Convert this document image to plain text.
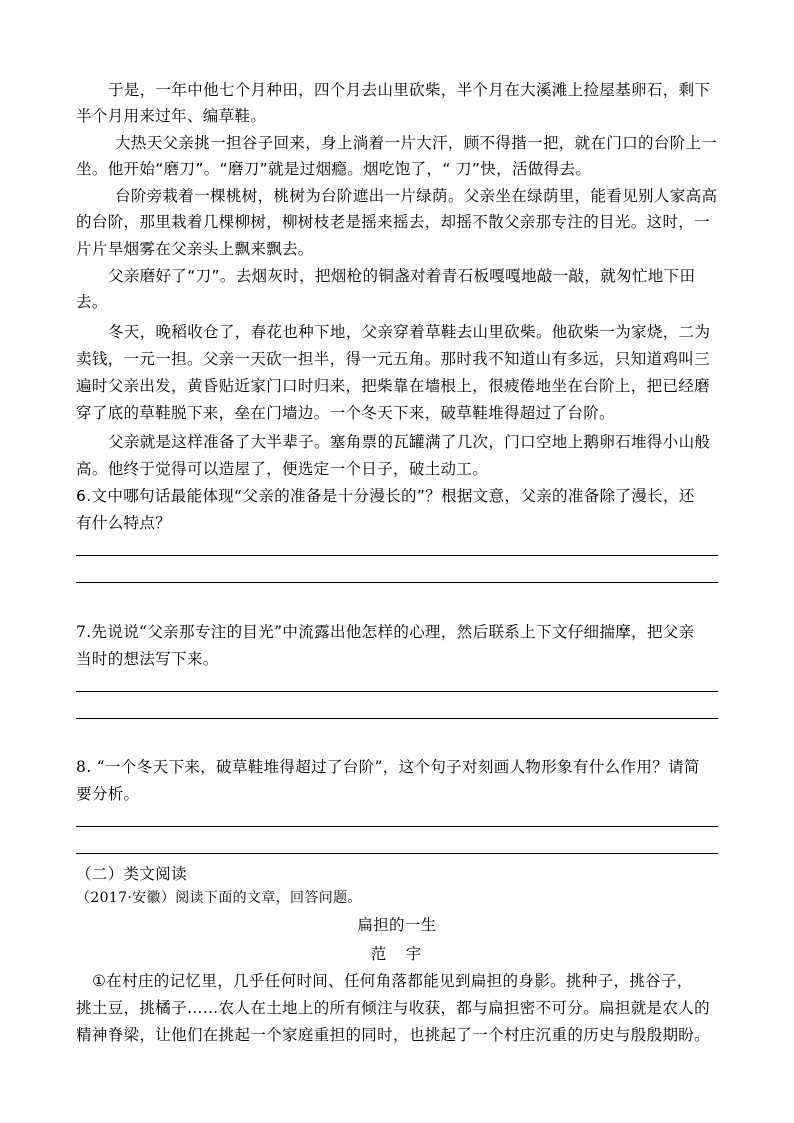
于是，一年中他七个月种田，四个月去山里砍柴，半个月在大溪滩上捡屋基卵石，剩下
半个月用来过年、编草鞋。
大热天父亲挑一担谷子回来，身上淌着一片大汗，顾不得揩一把，就在门口的台阶上一
坐。他开始“磨刀”。“磨刀”就是过烟瘾。烟吃饱了，“ 刀”快，活做得去。
台阶旁栽着一棵桃树，桃树为台阶遮出一片绿荫。父亲坐在绿荫里，能看见别人家高高
的台阶，那里栽着几棵柳树，柳树枝老是摇来摇去，却摇不散父亲那专注的目光。这时，一
片片旱烟雾在父亲头上飘来飘去。
父亲磨好了“刀”。去烟灰时，把烟枪的铜盏对着青石板嘎嘎地敲一敲，就匆忙地下田
去。
冬天，晚稻收仓了，春花也种下地，父亲穿着草鞋去山里砍柴。他砍柴一为家烧，二为
卖钱，一元一担。父亲一天砍一担半，得一元五角。那时我不知道山有多远，只知道鸡叫三
遍时父亲出发，黄昏贴近家门口时归来，把柴靠在墙根上，很疲倦地坐在台阶上，把已经磨
穿了底的草鞋脱下来，垒在门墙边。一个冬天下来，破草鞋堆得超过了台阶。
父亲就是这样准备了大半辈子。塞角票的瓦罐满了几次，门口空地上鹅卵石堆得小山般
高。他终于觉得可以造屋了，便选定一个日子，破土动工。
6.文中哪句话最能体现“父亲的准备是十分漫长的”？根据文意，父亲的准备除了漫长，还
有什么特点？
7.先说说“父亲那专注的目光”中流露出他怎样的心理，然后联系上下文仔细揣摩，把父亲
当时的想法写下来。
8. “一个冬天下来，破草鞋堆得超过了台阶”，这个句子对刻画人物形象有什么作用？请简
要分析。
（二）类文阅读
（2017·安徽）阅读下面的文章，回答问题。
扁担的一生
范　宇
①在村庄的记忆里，几乎任何时间、任何角落都能见到扁担的身影。挑种子，挑谷子，
挑土豆，挑橘子……农人在土地上的所有倾注与收获，都与扁担密不可分。扁担就是农人的
精神脊梁，让他们在挑起一个家庭重担的同时，也挑起了一个村庄沉重的历史与殷殷期盼。
